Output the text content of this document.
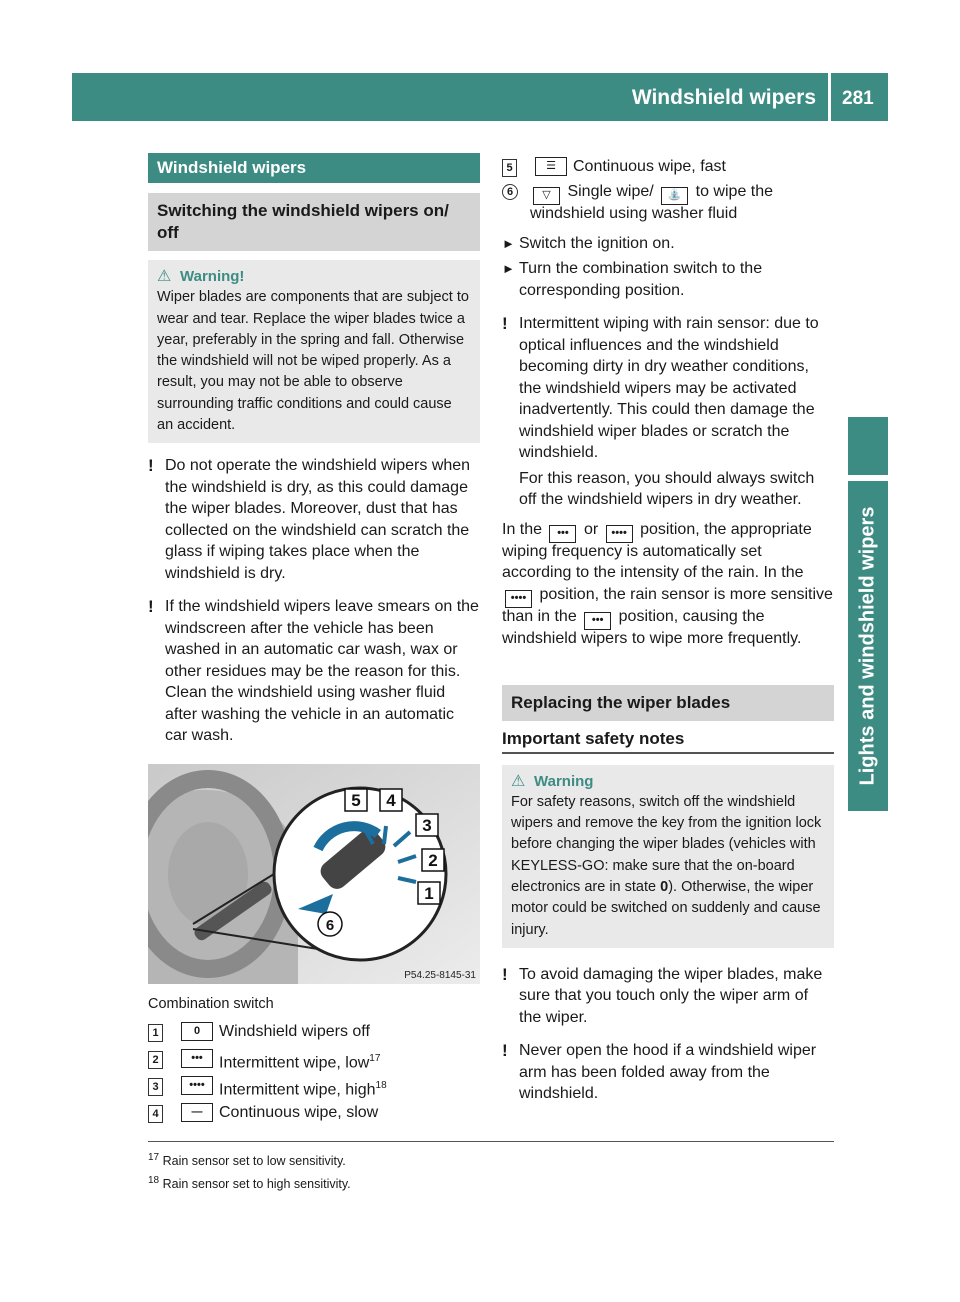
Windshield wipers 281
Lights and windshield wipers
Windshield wipers
Switching the windshield wipers on/ off
⚠ Warning!
Wiper blades are components that are subject to wear and tear. Replace the wiper blades twice a year, preferably in the spring and fall. Otherwise the windshield will not be wiped properly. As a result, you may not be able to observe surrounding traffic conditions and could cause an accident.
! Do not operate the windshield wipers when the windshield is dry, as this could damage the wiper blades. Moreover, dust that has collected on the windshield can scratch the glass if wiping takes place when the windshield is dry.

! If the windshield wipers leave smears on the windscreen after the vehicle has been washed in an automatic car wash, wax or other residues may be the reason for this. Clean the windshield using washer fluid after washing the vehicle in an automatic car wash.

5 4
3
2
1
6
P54.25-8145-31
Combination switch
1	0	Windshield wipers off
2	•••	Intermittent wipe, low$^{17}$
3	•••• Intermittent wipe, high$^{18}$
4	—	Continuous wipe, slow
5	☰	Continuous wipe, fast
6	▽ Single wipe/ ⛲ to wipe the windshield using washer fluid
► Switch the ignition on.
► Turn the combination switch to the corresponding position.
! Intermittent wiping with rain sensor: due to optical influences and the windshield becoming dirty in dry weather conditions, the windshield wipers may be activated inadvertently. This could then damage the windshield wiper blades or scratch the windshield.

For this reason, you should always switch off the windshield wipers in dry weather.

In the ••• or •••• position, the appropriate wiping frequency is automatically set according to the intensity of the rain. In the •••• position, the rain sensor is more sensitive than in the ••• position, causing the windshield wipers to wipe more frequently.
Replacing the wiper blades
Important safety notes
⚠ Warning
For safety reasons, switch off the windshield wipers and remove the key from the ignition lock before changing the wiper blades (vehicles with KEYLESS-GO: make sure that the on-board electronics are in state 0). Otherwise, the wiper motor could be switched on suddenly and cause injury.
! To avoid damaging the wiper blades, make sure that you touch only the wiper arm of the wiper.

! Never open the hood if a windshield wiper arm has been folded away from the windshield.

$^{17}$ Rain sensor set to low sensitivity.
$^{18}$ Rain sensor set to high sensitivity.
